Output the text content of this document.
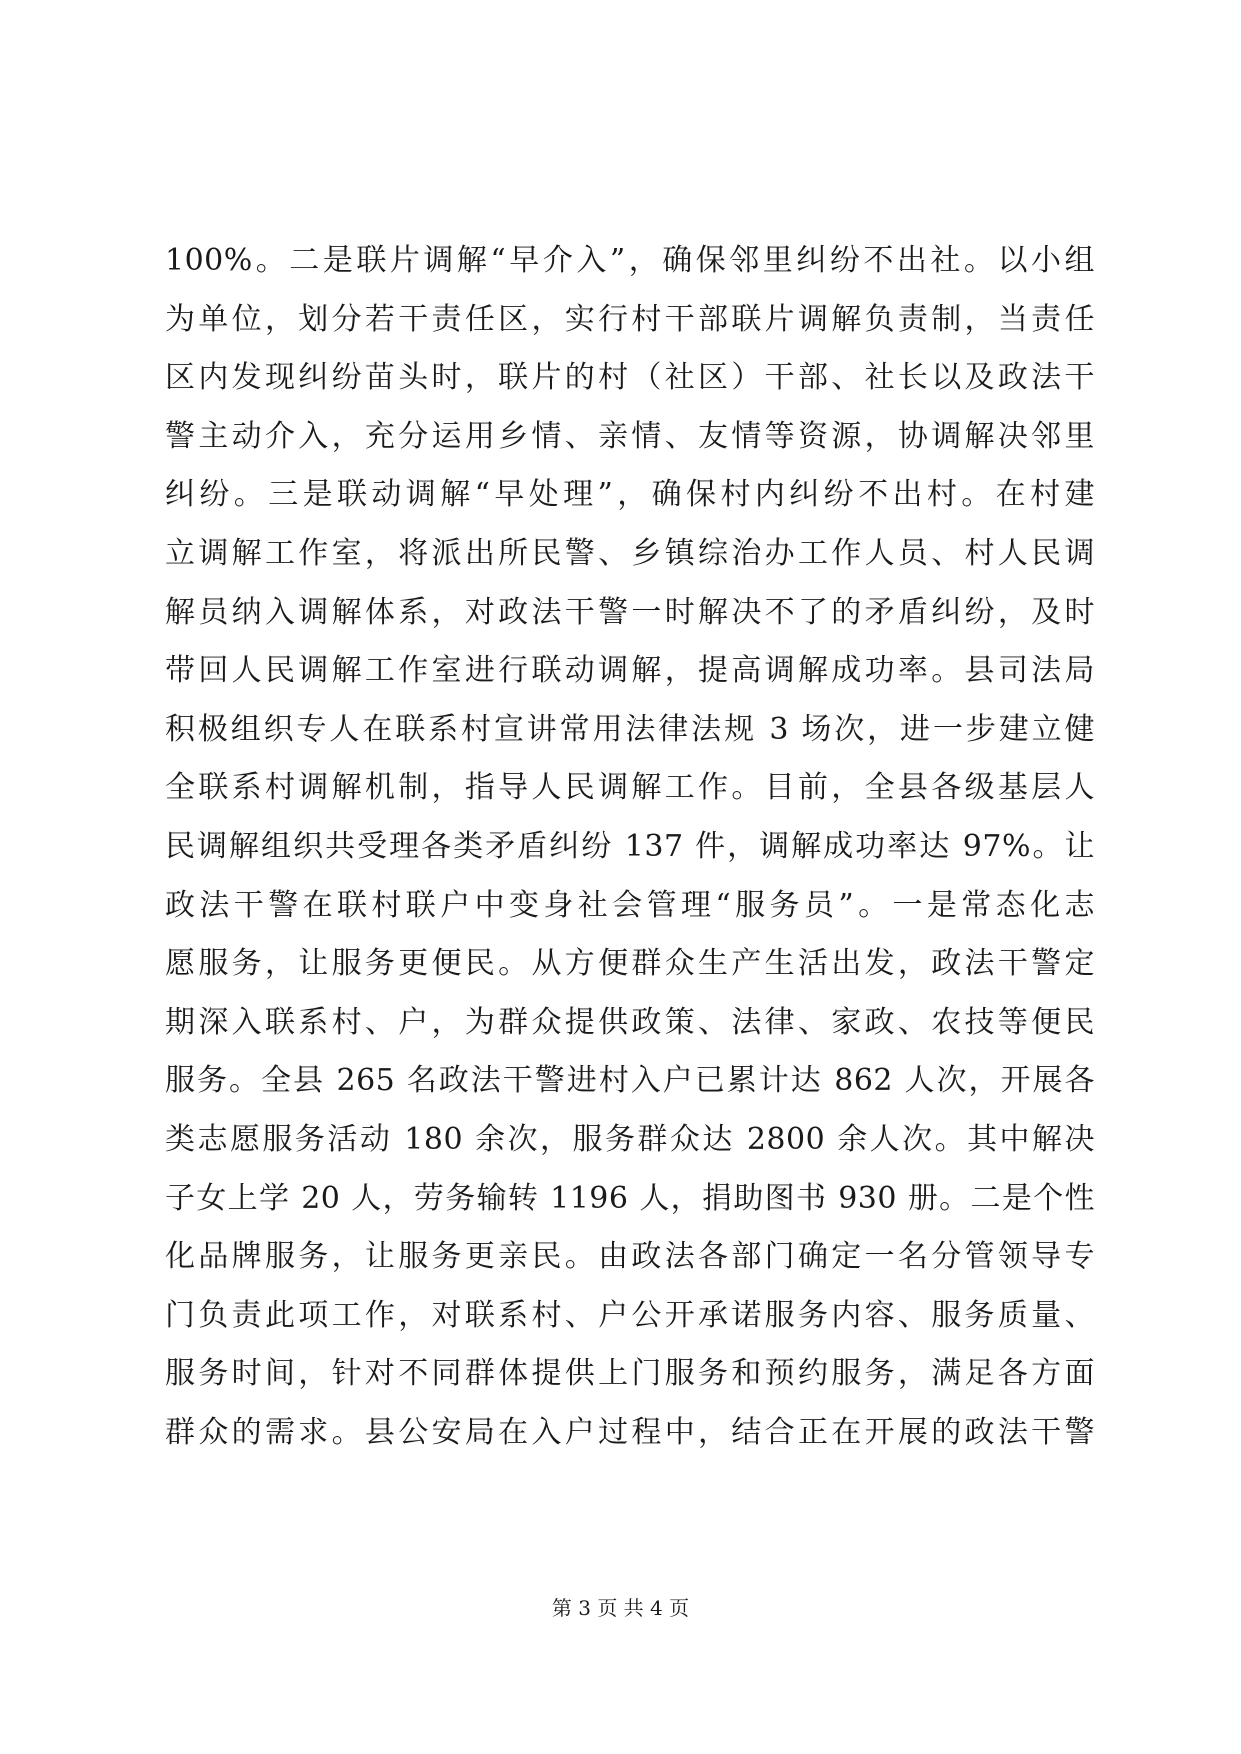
100%。二是联片调解“早介入”，确保邻里纠纷不出社。以小组
为单位，划分若干责任区，实行村干部联片调解负责制，当责任
区内发现纠纷苗头时，联片的村（社区）干部、社长以及政法干
警主动介入，充分运用乡情、亲情、友情等资源，协调解决邻里
纠纷。三是联动调解“早处理”，确保村内纠纷不出村。在村建
立调解工作室，将派出所民警、乡镇综治办工作人员、村人民调
解员纳入调解体系，对政法干警一时解决不了的矛盾纠纷，及时
带回人民调解工作室进行联动调解，提高调解成功率。县司法局
积极组织专人在联系村宣讲常用法律法规 3 场次，进一步建立健
全联系村调解机制，指导人民调解工作。目前，全县各级基层人
民调解组织共受理各类矛盾纠纷 137 件，调解成功率达 97%。让
政法干警在联村联户中变身社会管理“服务员”。一是常态化志
愿服务，让服务更便民。从方便群众生产生活出发，政法干警定
期深入联系村、户，为群众提供政策、法律、家政、农技等便民
服务。全县 265 名政法干警进村入户已累计达 862 人次，开展各
类志愿服务活动 180 余次，服务群众达 2800 余人次。其中解决
子女上学 20 人，劳务输转 1196 人，捐助图书 930 册。二是个性
化品牌服务，让服务更亲民。由政法各部门确定一名分管领导专
门负责此项工作，对联系村、户公开承诺服务内容、服务质量、
服务时间，针对不同群体提供上门服务和预约服务，满足各方面
群众的需求。县公安局在入户过程中，结合正在开展的政法干警
第 3 页 共 4 页
